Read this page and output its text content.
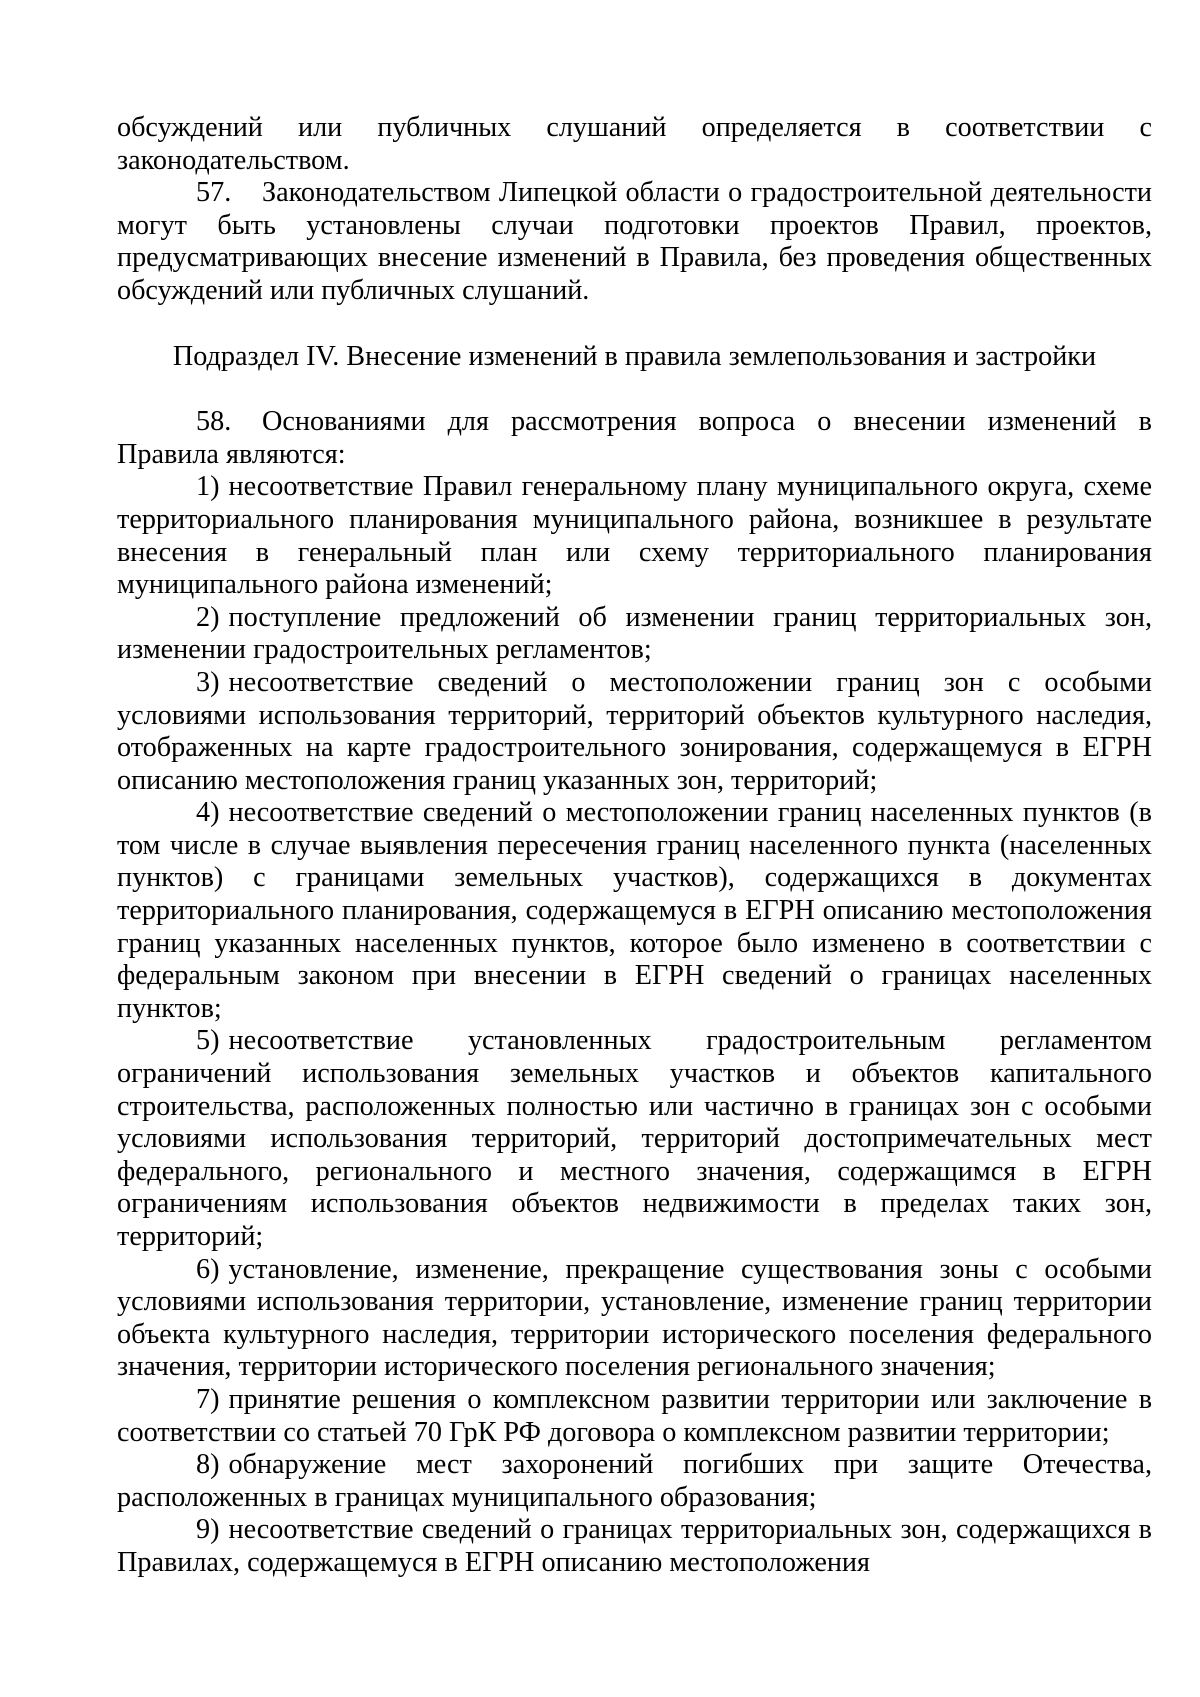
обсуждений или публичных слушаний определяется в соответствии с законодательством.

57. Законодательством Липецкой области о градостроительной деятельности могут быть установлены случаи подготовки проектов Правил, проектов, предусматривающих внесение изменений в Правила, без проведения общественных обсуждений или публичных слушаний.

Подраздел IV. Внесение изменений в правила землепользования и застройки

58. Основаниями для рассмотрения вопроса о внесении изменений в Правила являются:

1) несоответствие Правил генеральному плану муниципального округа, схеме территориального планирования муниципального района, возникшее в результате внесения в генеральный план или схему территориального планирования муниципального района изменений;

2) поступление предложений об изменении границ территориальных зон, изменении градостроительных регламентов;

3) несоответствие сведений о местоположении границ зон с особыми условиями использования территорий, территорий объектов культурного наследия, отображенных на карте градостроительного зонирования, содержащемуся в ЕГРН описанию местоположения границ указанных зон, территорий;

4) несоответствие сведений о местоположении границ населенных пунктов (в том числе в случае выявления пересечения границ населенного пункта (населенных пунктов) с границами земельных участков), содержащихся в документах территориального планирования, содержащемуся в ЕГРН описанию местоположения границ указанных населенных пунктов, которое было изменено в соответствии с федеральным законом при внесении в ЕГРН сведений о границах населенных пунктов;

5) несоответствие установленных градостроительным регламентом ограничений использования земельных участков и объектов капитального строительства, расположенных полностью или частично в границах зон с особыми условиями использования территорий, территорий достопримечательных мест федерального, регионального и местного значения, содержащимся в ЕГРН ограничениям использования объектов недвижимости в пределах таких зон, территорий;

6) установление, изменение, прекращение существования зоны с особыми условиями использования территории, установление, изменение границ территории объекта культурного наследия, территории исторического поселения федерального значения, территории исторического поселения регионального значения;

7) принятие решения о комплексном развитии территории или заключение в соответствии со статьей 70 ГрК РФ договора о комплексном развитии территории;

8) обнаружение мест захоронений погибших при защите Отечества, расположенных в границах муниципального образования;

9) несоответствие сведений о границах территориальных зон, содержащихся в Правилах, содержащемуся в ЕГРН описанию местоположения
